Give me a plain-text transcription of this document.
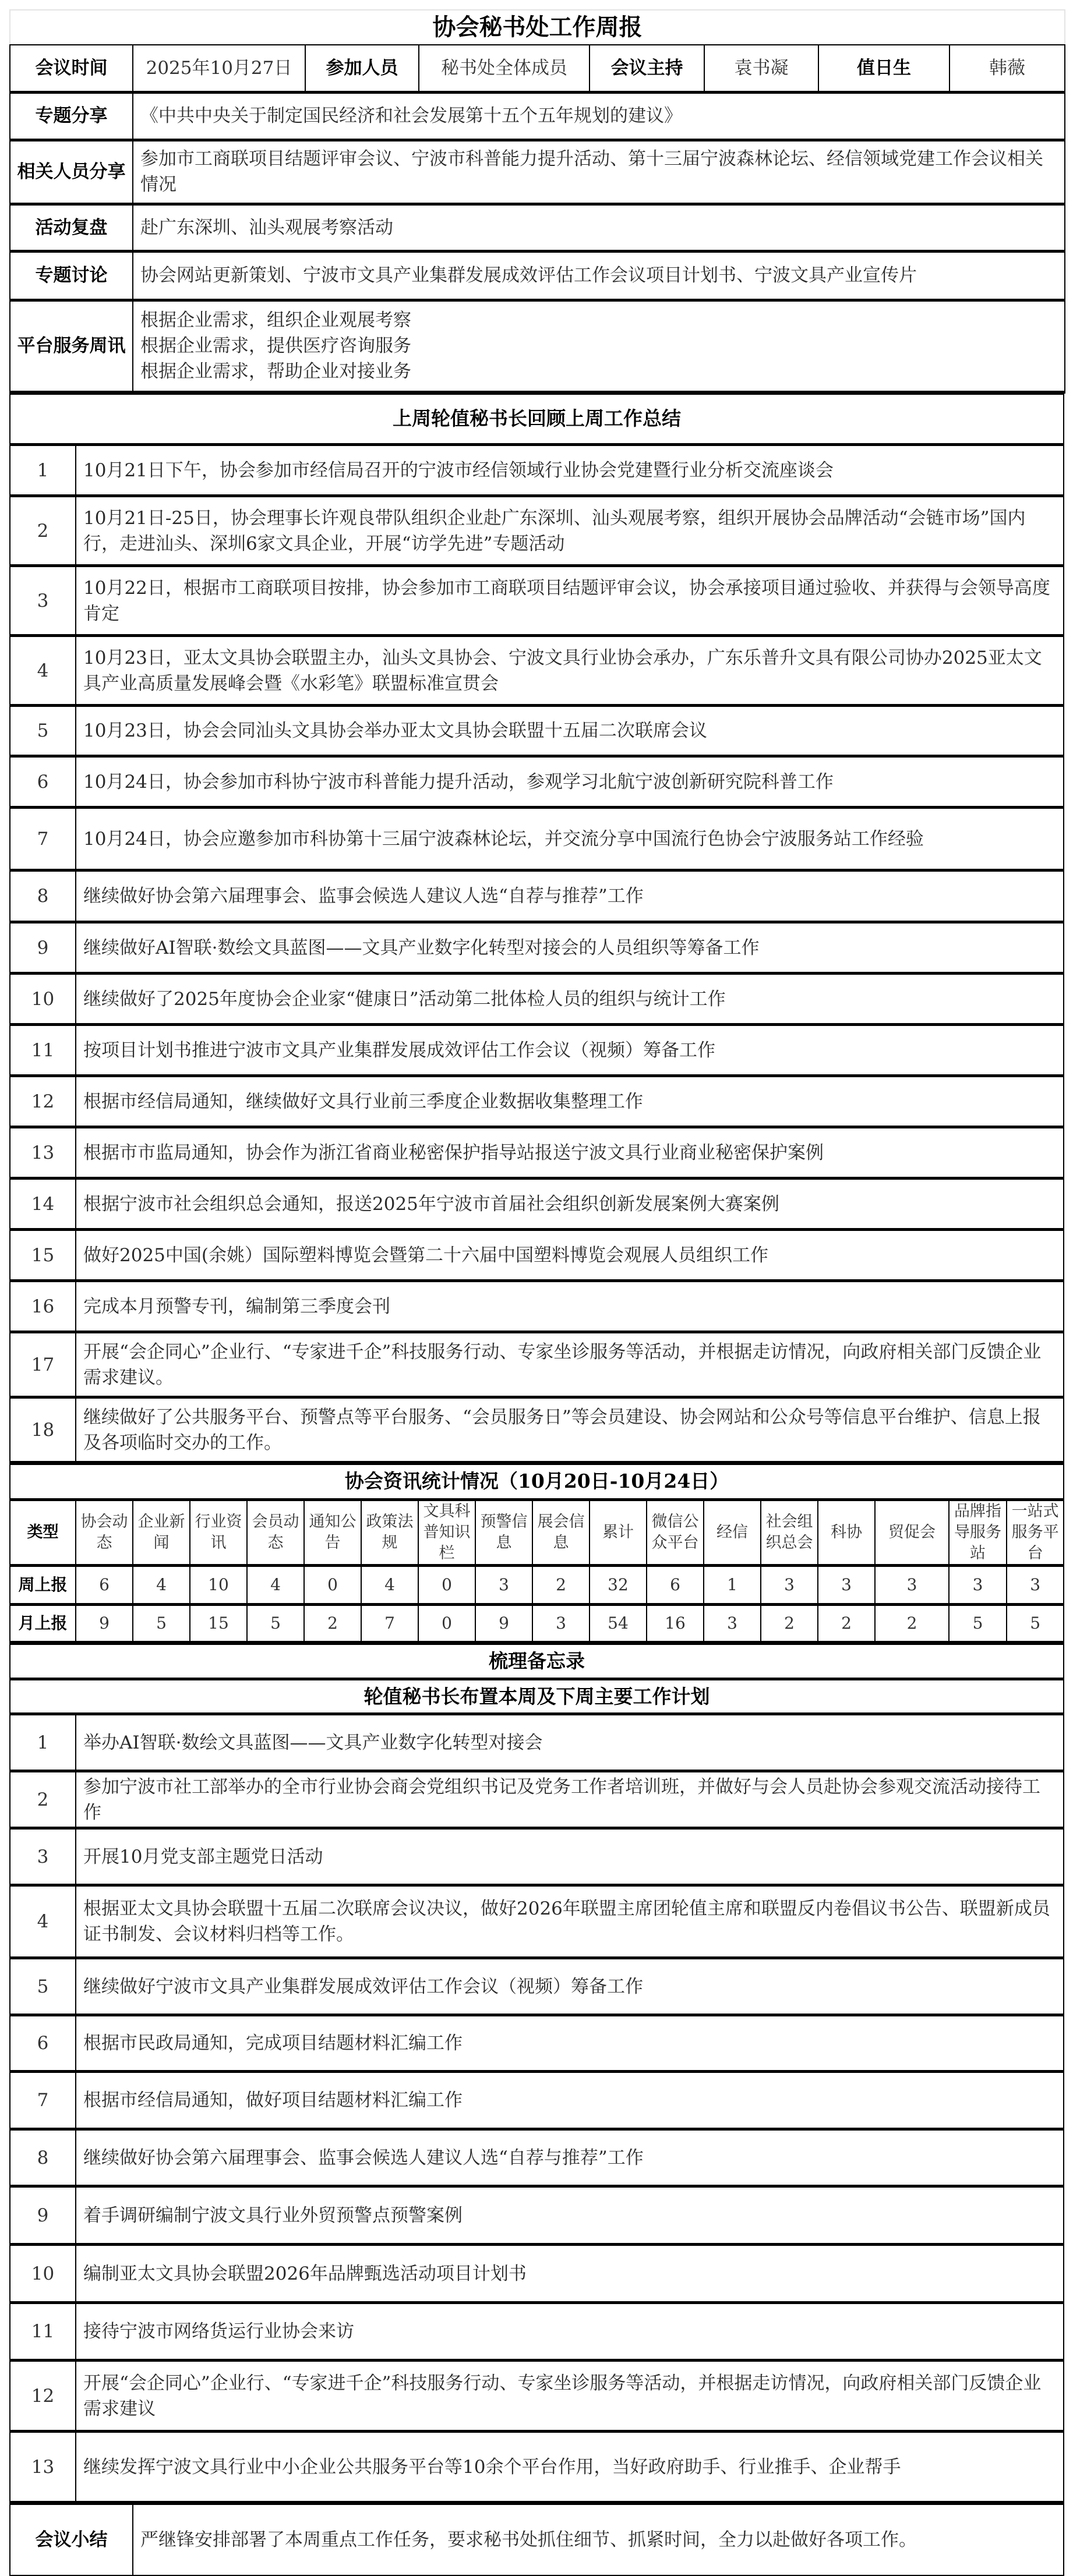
协会秘书处工作周报							
会议时间	2025年10月27日	参加人员	秘书处全体成员	会议主持	袁书凝	值日生	韩薇
专题分享	《中共中央关于制定国民经济和社会发展第十五个五年规划的建议》						
相关人员分享	参加市工商联项目结题评审会议、宁波市科普能力提升活动、第十三届宁波森林论坛、经信领域党建工作会议相关情况						
活动复盘	赴广东深圳、汕头观展考察活动						
专题讨论	协会网站更新策划、宁波市文具产业集群发展成效评估工作会议项目计划书、宁波文具产业宣传片						
平台服务周讯	根据企业需求，组织企业观展考察
根据企业需求，提供医疗咨询服务
根据企业需求，帮助企业对接业务						
上周轮值秘书长回顾上周工作总结	
1	10月21日下午，协会参加市经信局召开的宁波市经信领域行业协会党建暨行业分析交流座谈会
2	10月21日-25日，协会理事长许观良带队组织企业赴广东深圳、汕头观展考察，组织开展协会品牌活动“会链市场”国内行，走进汕头、深圳6家文具企业，开展“访学先进”专题活动
3	10月22日，根据市工商联项目按排，协会参加市工商联项目结题评审会议，协会承接项目通过验收、并获得与会领导高度肯定
4	10月23日，亚太文具协会联盟主办，汕头文具协会、宁波文具行业协会承办，广东乐普升文具有限公司协办2025亚太文具产业高质量发展峰会暨《水彩笔》联盟标准宣贯会
5	10月23日，协会会同汕头文具协会举办亚太文具协会联盟十五届二次联席会议
6	10月24日，协会参加市科协宁波市科普能力提升活动，参观学习北航宁波创新研究院科普工作
7	10月24日，协会应邀参加市科协第十三届宁波森林论坛，并交流分享中国流行色协会宁波服务站工作经验
8	继续做好协会第六届理事会、监事会候选人建议人选“自荐与推荐”工作
9	继续做好AI智联·数绘文具蓝图——文具产业数字化转型对接会的人员组织等筹备工作
10	继续做好了2025年度协会企业家“健康日”活动第二批体检人员的组织与统计工作
11	按项目计划书推进宁波市文具产业集群发展成效评估工作会议（视频）筹备工作
12	根据市经信局通知，继续做好文具行业前三季度企业数据收集整理工作
13	根据市市监局通知，协会作为浙江省商业秘密保护指导站报送宁波文具行业商业秘密保护案例
14	根据宁波市社会组织总会通知，报送2025年宁波市首届社会组织创新发展案例大赛案例
15	做好2025中国(余姚）国际塑料博览会暨第二十六届中国塑料博览会观展人员组织工作
16	完成本月预警专刊，编制第三季度会刊
17	开展“会企同心”企业行、“专家进千企”科技服务行动、专家坐诊服务等活动，并根据走访情况，向政府相关部门反馈企业需求建议。
18	继续做好了公共服务平台、预警点等平台服务、“会员服务日”等会员建设、协会网站和公众号等信息平台维护、信息上报及各项临时交办的工作。
协会资讯统计情况（10月20日-10月24日）																	
类型	协会动态	企业新闻	行业资讯	会员动态	通知公告	政策法规	文具科普知识栏	预警信息	展会信息	累计	微信公众平台	经信	社会组织总会	科协	贸促会	品牌指导服务站	一站式服务平台
周上报	6	4	10	4	0	4	0	3	2	32	6	1	3	3	3	3	3
月上报	9	5	15	5	2	7	0	9	3	54	16	3	2	2	2	5	5
梳理备忘录	
轮值秘书长布置本周及下周主要工作计划	
1	举办AI智联·数绘文具蓝图——文具产业数字化转型对接会
2	参加宁波市社工部举办的全市行业协会商会党组织书记及党务工作者培训班，并做好与会人员赴协会参观交流活动接待工作
3	开展10月党支部主题党日活动
4	根据亚太文具协会联盟十五届二次联席会议决议，做好2026年联盟主席团轮值主席和联盟反内卷倡议书公告、联盟新成员证书制发、会议材料归档等工作。
5	继续做好宁波市文具产业集群发展成效评估工作会议（视频）筹备工作
6	根据市民政局通知，完成项目结题材料汇编工作
7	根据市经信局通知，做好项目结题材料汇编工作
8	继续做好协会第六届理事会、监事会候选人建议人选“自荐与推荐”工作
9	着手调研编制宁波文具行业外贸预警点预警案例
10	编制亚太文具协会联盟2026年品牌甄选活动项目计划书
11	接待宁波市网络货运行业协会来访
12	开展“会企同心”企业行、“专家进千企”科技服务行动、专家坐诊服务等活动，并根据走访情况，向政府相关部门反馈企业需求建议
13	继续发挥宁波文具行业中小企业公共服务平台等10余个平台作用，当好政府助手、行业推手、企业帮手
会议小结	严继锋安排部署了本周重点工作任务，要求秘书处抓住细节、抓紧时间，全力以赴做好各项工作。
